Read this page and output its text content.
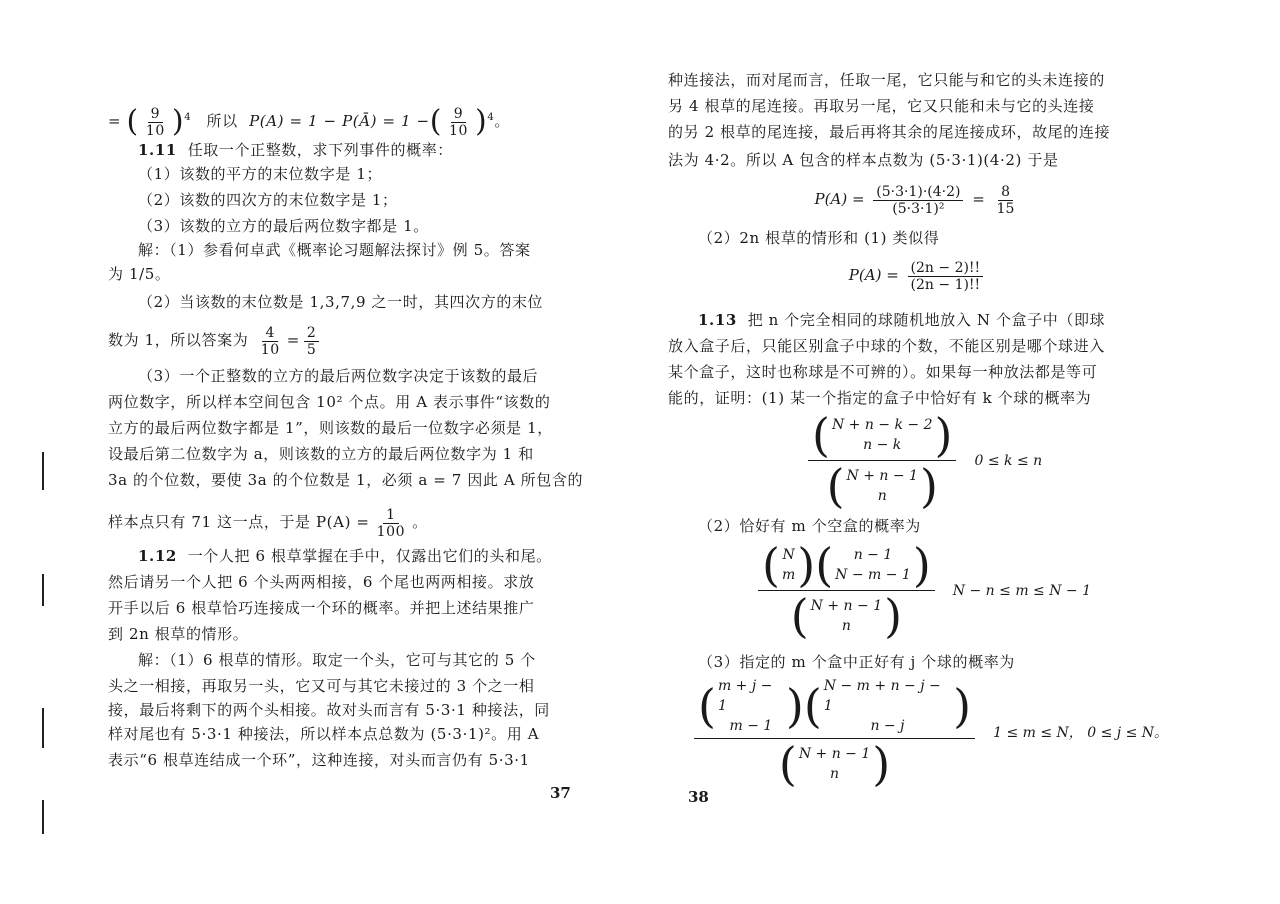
= ( $\frac{9}{10} )^4$ 所以 P(A) = 1 − P(Ā) = 1 −( $\frac{9}{10} )^4$。
1.11 任取一个正整数，求下列事件的概率：
（1）该数的平方的末位数字是 1；
（2）该数的四次方的末位数字是 1；
（3）该数的立方的最后两位数字都是 1。
解：（1）参看何卓武《概率论习题解法探讨》例 5。答案
为 1/5。
（2）当该数的末位数是 1,3,7,9 之一时，其四次方的末位
数为 1，所以答案为 $\frac{4}{10} = \frac{2}{5}$
（3）一个正整数的立方的最后两位数字决定于该数的最后
两位数字，所以样本空间包含 10² 个点。用 A 表示事件“该数的
立方的最后两位数字都是 1”，则该数的最后一位数字必须是 1，
设最后第二位数字为 a，则该数的立方的最后两位数字为 1 和
3a 的个位数，要使 3a 的个位数是 1，必须 a = 7 因此 A 所包含的
样本点只有 71 这一点，于是 $P(A) = \frac{1}{100}$ 。
1.12 一个人把 6 根草掌握在手中，仅露出它们的头和尾。
然后请另一个人把 6 个头两两相接，6 个尾也两两相接。求放
开手以后 6 根草恰巧连接成一个环的概率。并把上述结果推广
到 2n 根草的情形。
解：（1）6 根草的情形。取定一个头，它可与其它的 5 个
头之一相接，再取另一头，它又可与其它未接过的 3 个之一相
接，最后将剩下的两个头相接。故对头而言有 5·3·1 种接法，同
样对尾也有 5·3·1 种接法，所以样本点总数为 (5·3·1)²。用 A
表示“6 根草连结成一个环”，这种连接，对头而言仍有 5·3·1
37
种连接法，而对尾而言，任取一尾，它只能与和它的头未连接的
另 4 根草的尾连接。再取另一尾，它又只能和未与它的头连接
的另 2 根草的尾连接，最后再将其余的尾连接成环，故尾的连接
法为 4·2。所以 A 包含的样本点数为 (5·3·1)(4·2) 于是
$P(A) = \frac{(5\cdot 3\cdot 1)\cdot(4\cdot 2)}{\text{(5·3·1)²}} = \frac{8}{15}$
（2）2n 根草的情形和 (1) 类似得
$P(A) = \frac{(2n - 2)!!}{(2n - 1)!!}$
1.13 把 n 个完全相同的球随机地放入 N 个盒子中（即球
放入盒子后，只能区别盒子中球的个数，不能区别是哪个球进入
某个盒子，这时也称球是不可辨的）。如果每一种放法都是等可
能的，证明：(1) 某一个指定的盒子中恰好有 k 个球的概率为
( N + n − k − 2
n − k )
( N + n − 1
n ) 0 ≤ k ≤ n
（2）恰好有 m 个空盒的概率为
( N
m ) ( n − 1
N − m − 1 )
( N + n − 1
n ) N − n ≤ m ≤ N − 1
（3）指定的 m 个盒中正好有 j 个球的概率为
( m + j − 1
m − 1 ) ( N − m + n − j − 1
n − j )
( N + n − 1
n ) 1 ≤ m ≤ N， 0 ≤ j ≤ N。
38
